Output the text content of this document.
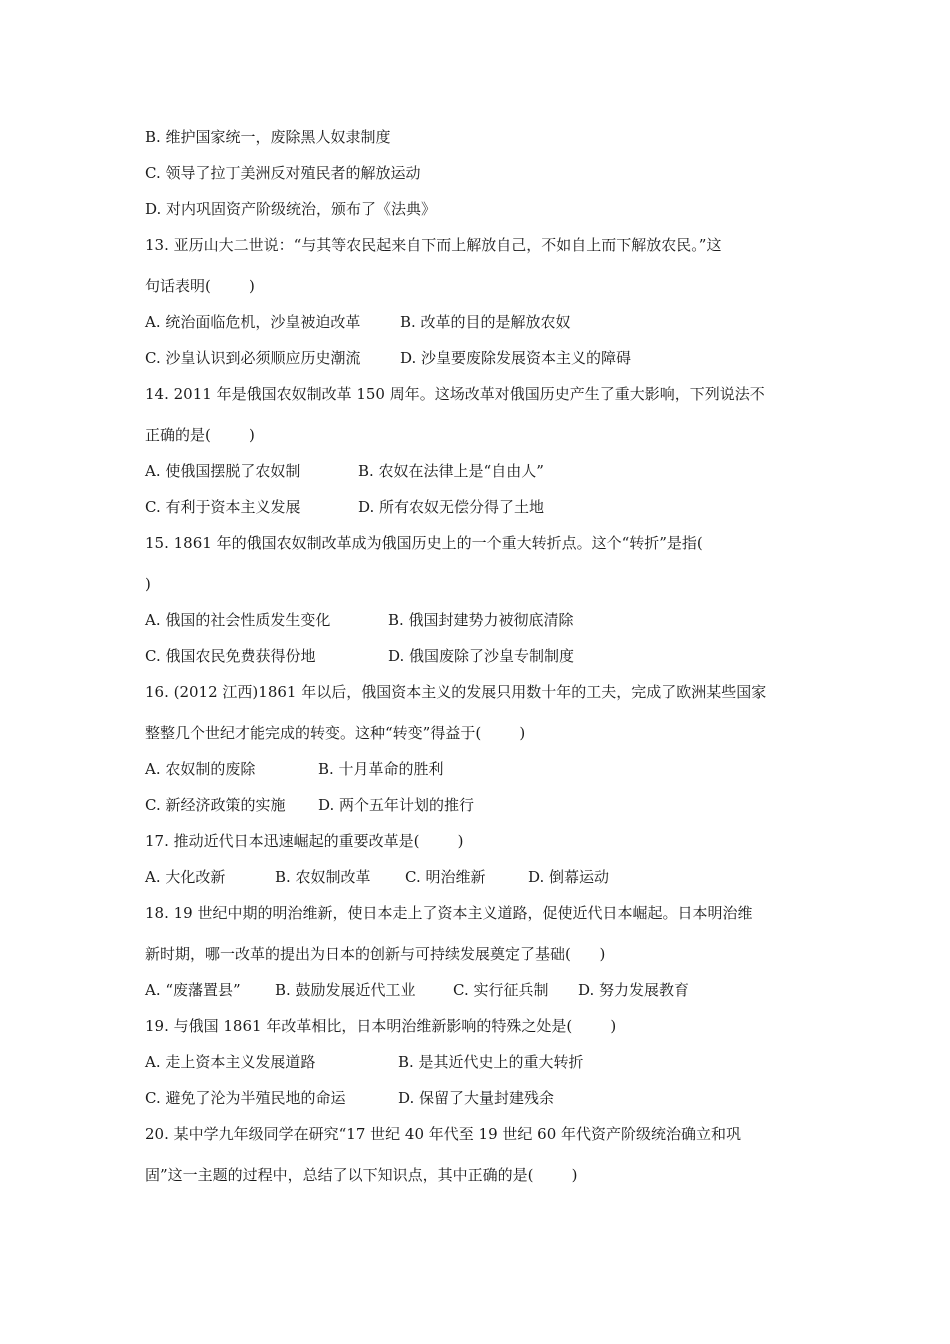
B. 维护国家统一，废除黑人奴隶制度
C. 领导了拉丁美洲反对殖民者的解放运动
D. 对内巩固资产阶级统治，颁布了《法典》
13. 亚历山大二世说：“与其等农民起来自下而上解放自己，不如自上而下解放农民。”这
句话表明(        )
A. 统治面临危机，沙皇被迫改革	B. 改革的目的是解放农奴
C. 沙皇认识到必须顺应历史潮流	D. 沙皇要废除发展资本主义的障碍
14. 2011 年是俄国农奴制改革 150 周年。这场改革对俄国历史产生了重大影响，下列说法不
正确的是(        )
A. 使俄国摆脱了农奴制	B. 农奴在法律上是“自由人”
C. 有利于资本主义发展	D. 所有农奴无偿分得了土地
15. 1861 年的俄国农奴制改革成为俄国历史上的一个重大转折点。这个“转折”是指(
)
A. 俄国的社会性质发生变化	B. 俄国封建势力被彻底清除
C. 俄国农民免费获得份地	D. 俄国废除了沙皇专制制度
16. (2012 江西)1861 年以后，俄国资本主义的发展只用数十年的工夫，完成了欧洲某些国家
整整几个世纪才能完成的转变。这种“转变”得益于(        )
A. 农奴制的废除	B. 十月革命的胜利
C. 新经济政策的实施 D. 两个五年计划的推行
17. 推动近代日本迅速崛起的重要改革是(        )
A. 大化改新	B. 农奴制改革 C. 明治维新	D. 倒幕运动
18. 19 世纪中期的明治维新，使日本走上了资本主义道路，促使近代日本崛起。日本明治维
新时期，哪一改革的提出为日本的创新与可持续发展奠定了基础(      )
A. “废藩置县” B. 鼓励发展近代工业 C. 实行征兵制 D. 努力发展教育
19. 与俄国 1861 年改革相比，日本明治维新影响的特殊之处是(        )
A. 走上资本主义发展道路	B. 是其近代史上的重大转折
C. 避免了沦为半殖民地的命运	D. 保留了大量封建残余
20. 某中学九年级同学在研究“17 世纪 40 年代至 19 世纪 60 年代资产阶级统治确立和巩
固”这一主题的过程中，总结了以下知识点，其中正确的是(        )
